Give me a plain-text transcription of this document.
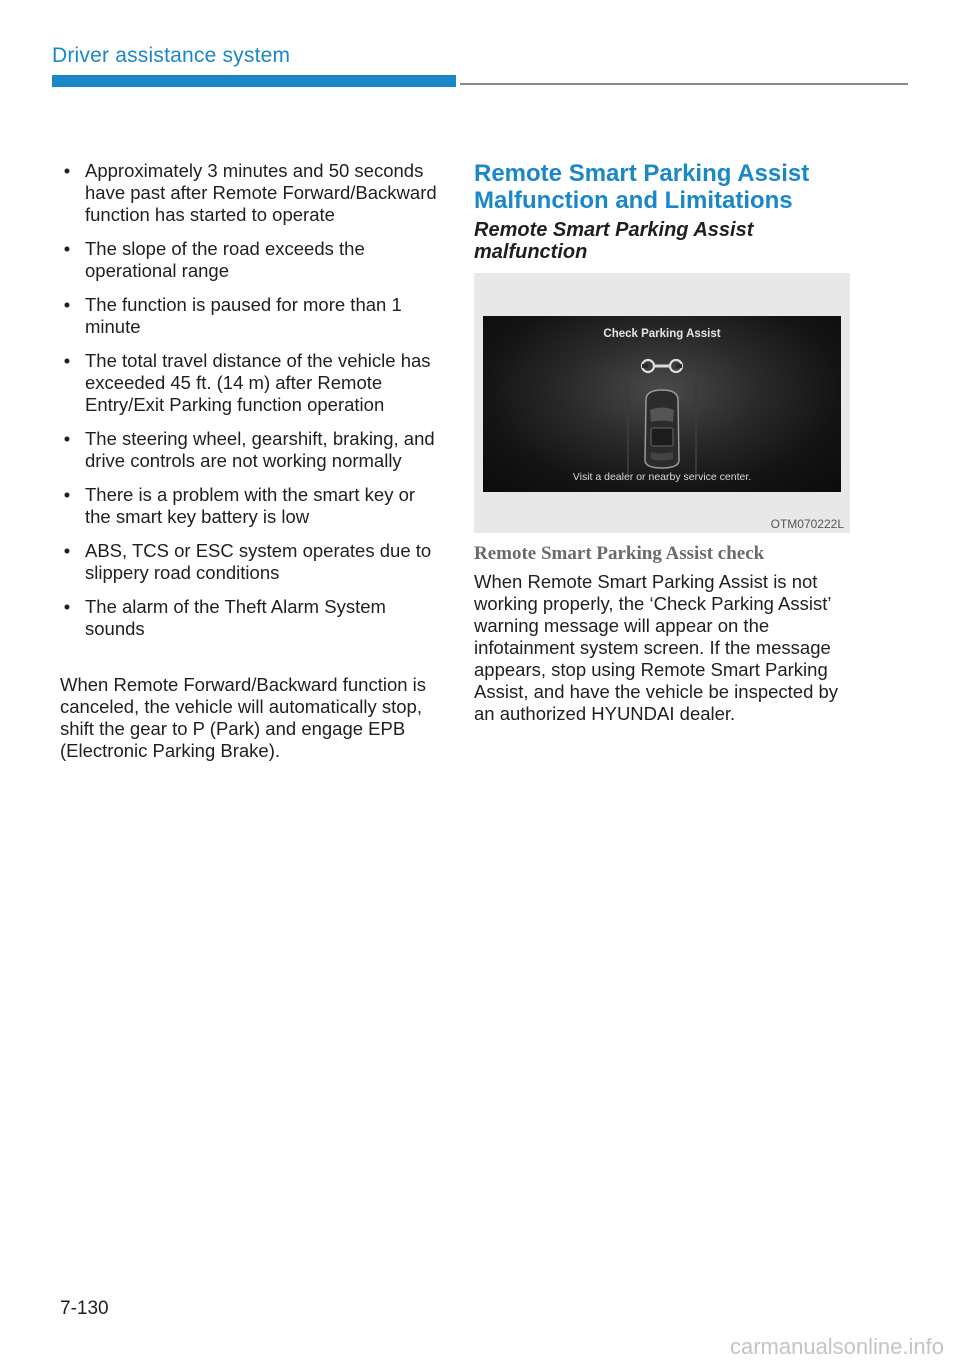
Driver assistance system
• Approximately 3 minutes and 50 seconds have past after Remote Forward/Backward function has started to operate
• The slope of the road exceeds the operational range
• The function is paused for more than 1 minute
• The total travel distance of the vehicle has exceeded 45 ft. (14 m) after Remote Entry/Exit Parking function operation
• The steering wheel, gearshift, braking, and drive controls are not working normally
• There is a problem with the smart key or the smart key battery is low
• ABS, TCS or ESC system operates due to slippery road conditions
• The alarm of the Theft Alarm System sounds

When Remote Forward/Backward function is canceled, the vehicle will automatically stop, shift the gear to P (Park) and engage EPB (Electronic Parking Brake).

Remote Smart Parking Assist Malfunction and Limitations
Remote Smart Parking Assist malfunction
Check Parking Assist
Visit a dealer or nearby service center.
OTM070222L
Remote Smart Parking Assist check

When Remote Smart Parking Assist is not working properly, the ‘Check Parking Assist’ warning message will appear on the infotainment system screen. If the message appears, stop using Remote Smart Parking Assist, and have the vehicle be inspected by an authorized HYUNDAI dealer.

7-130
carmanualsonline.info
